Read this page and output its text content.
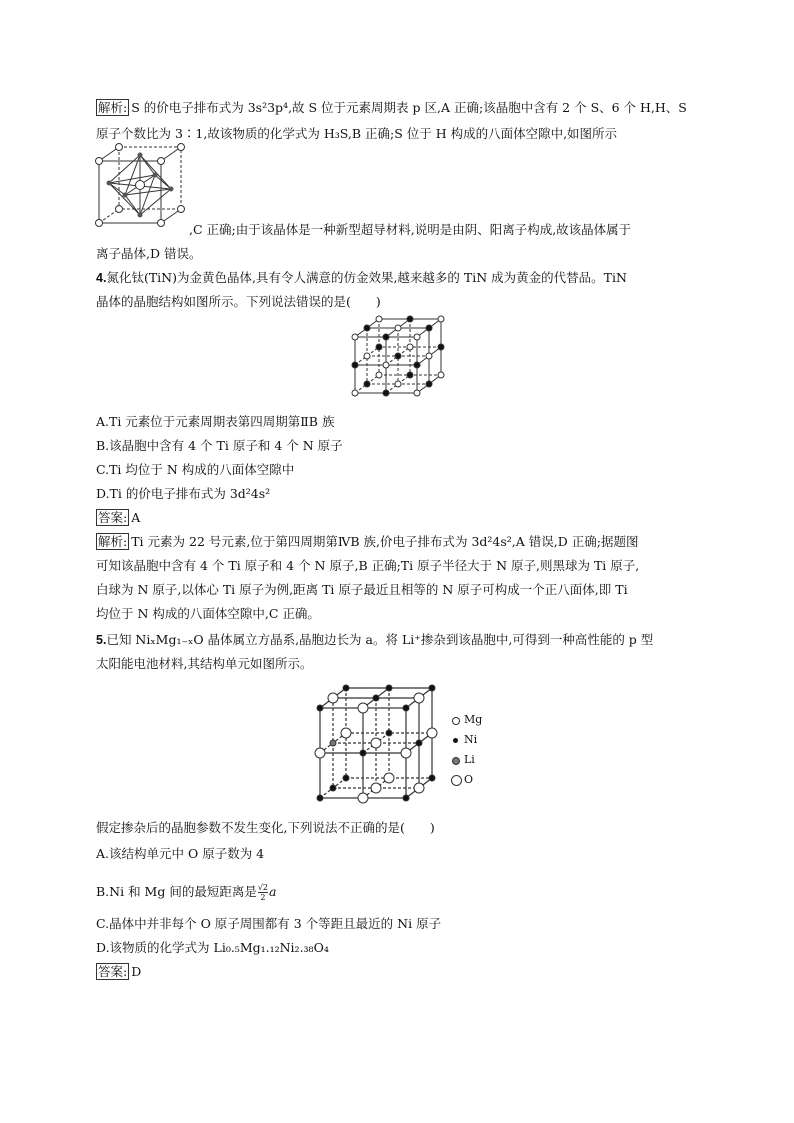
解析: S 的价电子排布式为 3s²3p⁴,故 S 位于元素周期表 p 区,A 正确;该晶胞中含有 2 个 S、6 个 H,H、S
原子个数比为 3∶1,故该物质的化学式为 H₃S,B 正确;S 位于 H 构成的八面体空隙中,如图所示
,C 正确;由于该晶体是一种新型超导材料,说明是由阴、阳离子构成,故该晶体属于
离子晶体,D 错误。
4.氮化钛(TiN)为金黄色晶体,具有令人满意的仿金效果,越来越多的 TiN 成为黄金的代替品。TiN
晶体的晶胞结构如图所示。下列说法错误的是(　　)
A.Ti 元素位于元素周期表第四周期第ⅡB 族
B.该晶胞中含有 4 个 Ti 原子和 4 个 N 原子
C.Ti 均位于 N 构成的八面体空隙中
D.Ti 的价电子排布式为 3d²4s²
答案: A
解析: Ti 元素为 22 号元素,位于第四周期第ⅣB 族,价电子排布式为 3d²4s²,A 错误,D 正确;据题图
可知该晶胞中含有 4 个 Ti 原子和 4 个 N 原子,B 正确;Ti 原子半径大于 N 原子,则黑球为 Ti 原子,
白球为 N 原子,以体心 Ti 原子为例,距离 Ti 原子最近且相等的 N 原子可构成一个正八面体,即 Ti
均位于 N 构成的八面体空隙中,C 正确。
5.已知 NiₓMg₁₋ₓO 晶体属立方晶系,晶胞边长为 a。将 Li⁺掺杂到该晶胞中,可得到一种高性能的 p 型
太阳能电池材料,其结构单元如图所示。
Mg
Ni
Li
O
假定掺杂后的晶胞参数不发生变化,下列说法不正确的是(　　)
A.该结构单元中 O 原子数为 4
B.Ni 和 Mg 间的最短距离是 $\frac{√2}{2}$ a
C.晶体中并非每个 O 原子周围都有 3 个等距且最近的 Ni 原子
D.该物质的化学式为 Li₀.₅Mg₁.₁₂Ni₂.₃₈O₄
答案: D
